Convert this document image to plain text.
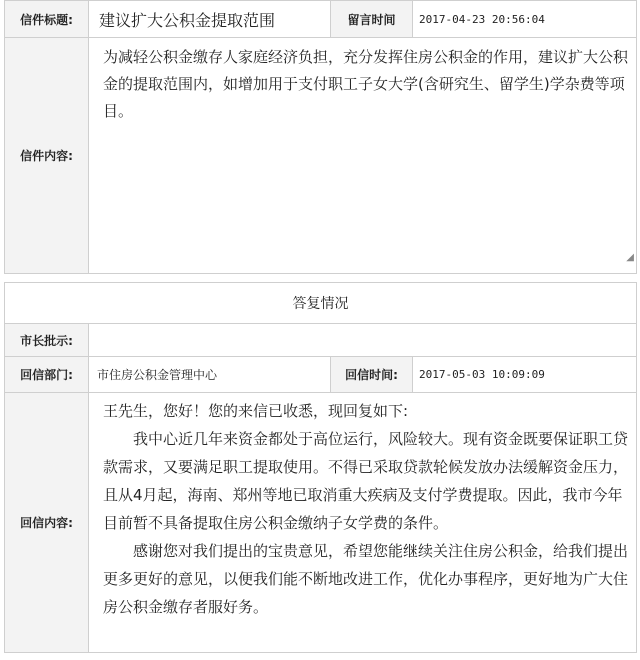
信件标题:	建议扩大公积金提取范围	留言时间	2017-04-23 20:56:04
信件内容:	为减轻公积金缴存人家庭经济负担，充分发挥住房公积金的作用，建议扩大公积金的提取范围内，如增加用于支付职工子女大学(含研究生、留学生)学杂费等项目。
◢		
答复情况			
市长批示:			
回信部门:	市住房公积金管理中心	回信时间:	2017-05-03 10:09:09
回信内容:	王先生，您好！您的来信已收悉，现回复如下:

我中心近几年来资金都处于高位运行，风险较大。现有资金既要保证职工贷款需求，又要满足职工提取使用。不得已采取贷款轮候发放办法缓解资金压力，且从4月起，海南、郑州等地已取消重大疾病及支付学费提取。因此，我市今年目前暂不具备提取住房公积金缴纳子女学费的条件。

感谢您对我们提出的宝贵意见，希望您能继续关注住房公积金，给我们提出更多更好的意见，以便我们能不断地改进工作，优化办事程序，更好地为广大住房公积金缴存者服好务。		
